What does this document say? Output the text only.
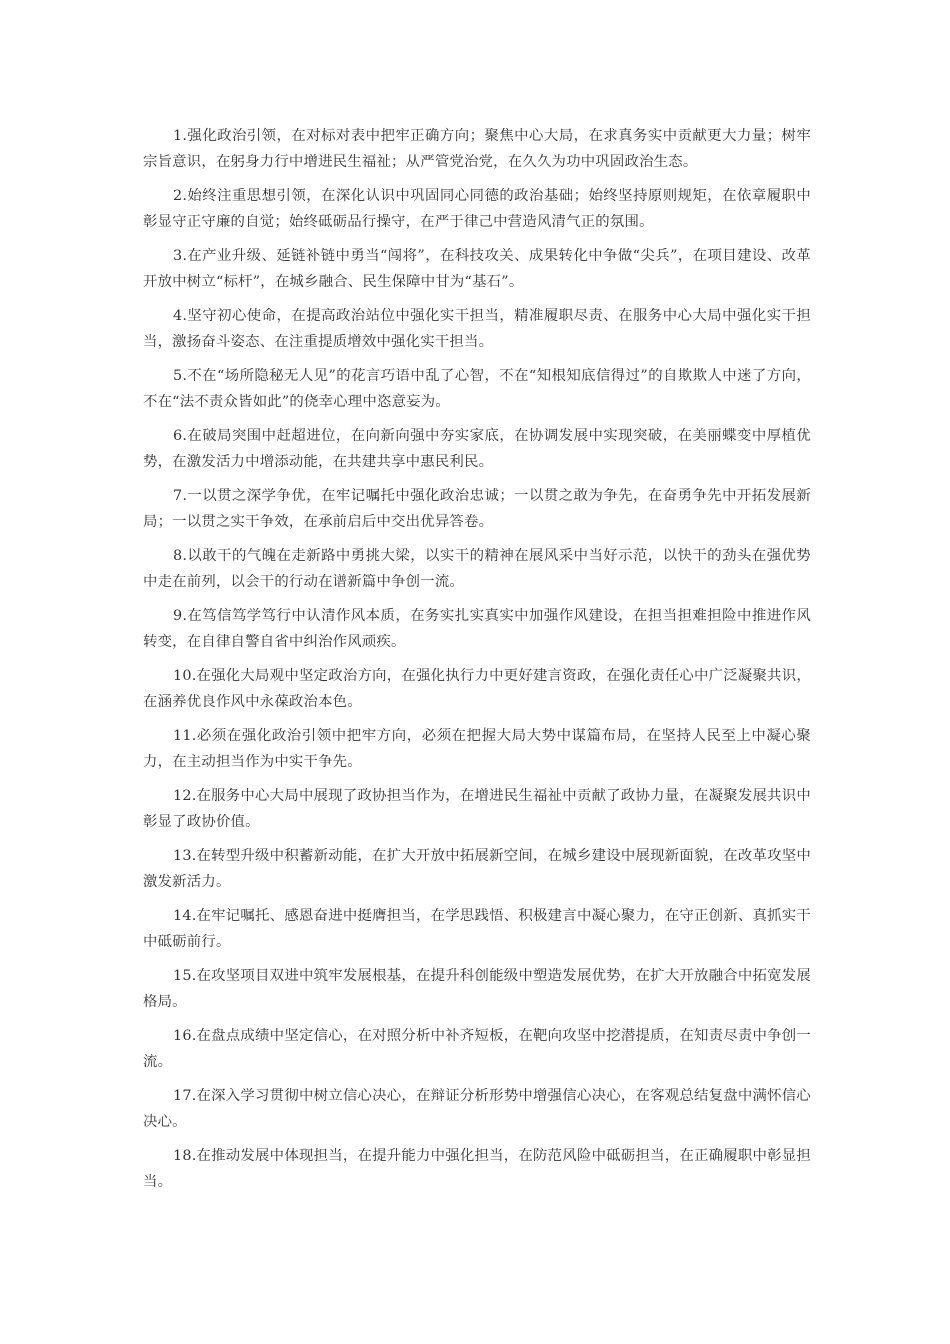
1.强化政治引领，在对标对表中把牢正确方向；聚焦中心大局，在求真务实中贡献更大力量；树牢宗旨意识，在躬身力行中增进民生福祉；从严管党治党，在久久为功中巩固政治生态。

2.始终注重思想引领，在深化认识中巩固同心同德的政治基础；始终坚持原则规矩，在依章履职中彰显守正守廉的自觉；始终砥砺品行操守，在严于律己中营造风清气正的氛围。

3.在产业升级、延链补链中勇当“闯将”，在科技攻关、成果转化中争做“尖兵”，在项目建设、改革开放中树立“标杆”，在城乡融合、民生保障中甘为“基石”。

4.坚守初心使命，在提高政治站位中强化实干担当，精准履职尽责、在服务中心大局中强化实干担当，激扬奋斗姿态、在注重提质增效中强化实干担当。

5.不在“场所隐秘无人见”的花言巧语中乱了心智，不在“知根知底信得过”的自欺欺人中迷了方向，不在“法不责众皆如此”的侥幸心理中恣意妄为。

6.在破局突围中赶超进位，在向新向强中夯实家底，在协调发展中实现突破，在美丽蝶变中厚植优势，在激发活力中增添动能，在共建共享中惠民利民。

7.一以贯之深学争优，在牢记嘱托中强化政治忠诚；一以贯之敢为争先，在奋勇争先中开拓发展新局；一以贯之实干争效，在承前启后中交出优异答卷。

8.以敢干的气魄在走新路中勇挑大梁，以实干的精神在展风采中当好示范，以快干的劲头在强优势中走在前列，以会干的行动在谱新篇中争创一流。

9.在笃信笃学笃行中认清作风本质，在务实扎实真实中加强作风建设，在担当担难担险中推进作风转变，在自律自警自省中纠治作风顽疾。

10.在强化大局观中坚定政治方向，在强化执行力中更好建言资政，在强化责任心中广泛凝聚共识，在涵养优良作风中永葆政治本色。

11.必须在强化政治引领中把牢方向，必须在把握大局大势中谋篇布局，在坚持人民至上中凝心聚力，在主动担当作为中实干争先。

12.在服务中心大局中展现了政协担当作为，在增进民生福祉中贡献了政协力量，在凝聚发展共识中彰显了政协价值。

13.在转型升级中积蓄新动能，在扩大开放中拓展新空间，在城乡建设中展现新面貌，在改革攻坚中激发新活力。

14.在牢记嘱托、感恩奋进中挺膺担当，在学思践悟、积极建言中凝心聚力，在守正创新、真抓实干中砥砺前行。

15.在攻坚项目双进中筑牢发展根基，在提升科创能级中塑造发展优势，在扩大开放融合中拓宽发展格局。

16.在盘点成绩中坚定信心，在对照分析中补齐短板，在靶向攻坚中挖潜提质，在知责尽责中争创一流。

17.在深入学习贯彻中树立信心决心，在辩证分析形势中增强信心决心，在客观总结复盘中满怀信心决心。

18.在推动发展中体现担当，在提升能力中强化担当，在防范风险中砥砺担当，在正确履职中彰显担当。
